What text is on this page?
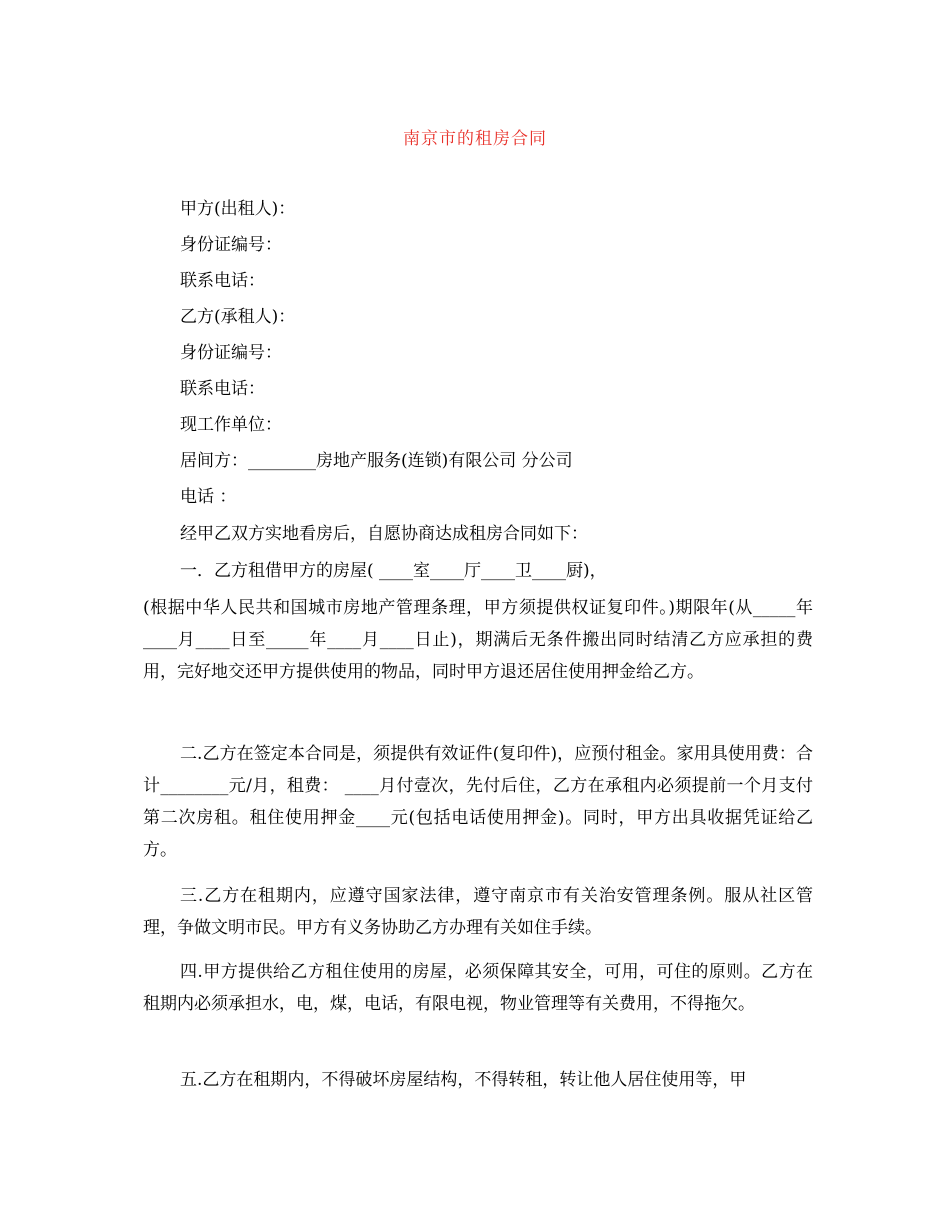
南京市的租房合同
甲方(出租人)：
身份证编号：
联系电话：
乙方(承租人)：
身份证编号：
联系电话：
现工作单位：
居间方：________房地产服务(连锁)有限公司 分公司
电话 ：
经甲乙双方实地看房后，自愿协商达成租房合同如下：
一．乙方租借甲方的房屋( ____室____厅____卫____厨)，
(根据中华人民共和国城市房地产管理条理，甲方须提供权证复印件。)期限年(从_____年____月____日至_____年____月____日止)，期满后无条件搬出同时结清乙方应承担的费用，完好地交还甲方提供使用的物品，同时甲方退还居住使用押金给乙方。
二.乙方在签定本合同是，须提供有效证件(复印件)，应预付租金。家用具使用费：合计________元/月，租费： ____月付壹次，先付后住，乙方在承租内必须提前一个月支付第二次房租。租住使用押金____元(包括电话使用押金)。同时，甲方出具收据凭证给乙方。
三.乙方在租期内，应遵守国家法律，遵守南京市有关治安管理条例。服从社区管理，争做文明市民。甲方有义务协助乙方办理有关如住手续。
四.甲方提供给乙方租住使用的房屋，必须保障其安全，可用，可住的原则。乙方在租期内必须承担水，电，煤，电话，有限电视，物业管理等有关费用，不得拖欠。
五.乙方在租期内，不得破坏房屋结构，不得转租，转让他人居住使用等，甲
